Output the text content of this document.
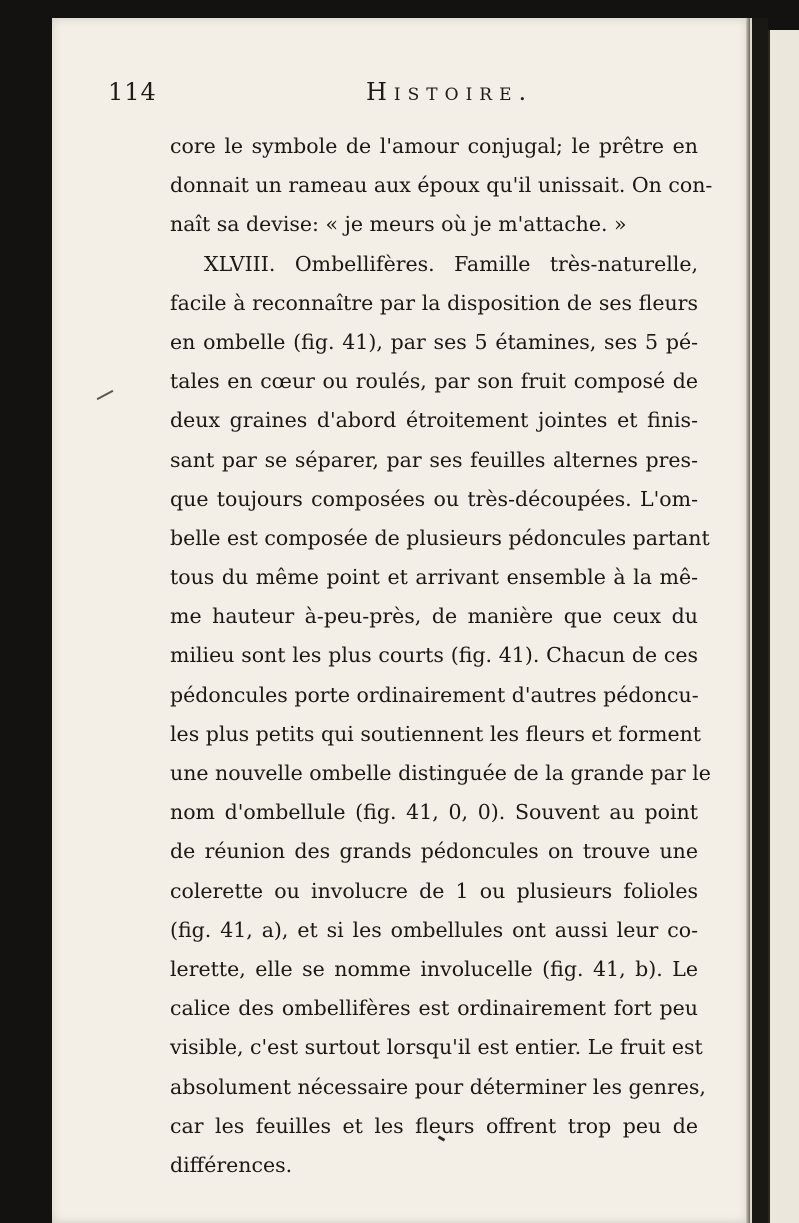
114	Histoire.
core le symbole de l'amour conjugal; le prêtre en
donnait un rameau aux époux qu'il unissait. On con-
naît sa devise: « je meurs où je m'attache. »
XLVIII. Ombellifères. Famille très-naturelle,
facile à reconnaître par la disposition de ses fleurs
en ombelle (fig. 41), par ses 5 étamines, ses 5 pé-
tales en cœur ou roulés, par son fruit composé de
deux graines d'abord étroitement jointes et finis-
sant par se séparer, par ses feuilles alternes pres-
que toujours composées ou très-découpées. L'om-
belle est composée de plusieurs pédoncules partant
tous du même point et arrivant ensemble à la mê-
me hauteur à-peu-près, de manière que ceux du
milieu sont les plus courts (fig. 41). Chacun de ces
pédoncules porte ordinairement d'autres pédoncu-
les plus petits qui soutiennent les fleurs et forment
une nouvelle ombelle distinguée de la grande par le
nom d'ombellule (fig. 41, 0, 0). Souvent au point
de réunion des grands pédoncules on trouve une
colerette ou involucre de 1 ou plusieurs folioles
(fig. 41, a), et si les ombellules ont aussi leur co-
lerette, elle se nomme involucelle (fig. 41, b). Le
calice des ombellifères est ordinairement fort peu
visible, c'est surtout lorsqu'il est entier. Le fruit est
absolument nécessaire pour déterminer les genres,
car les feuilles et les fleurs offrent trop peu de
différences.
